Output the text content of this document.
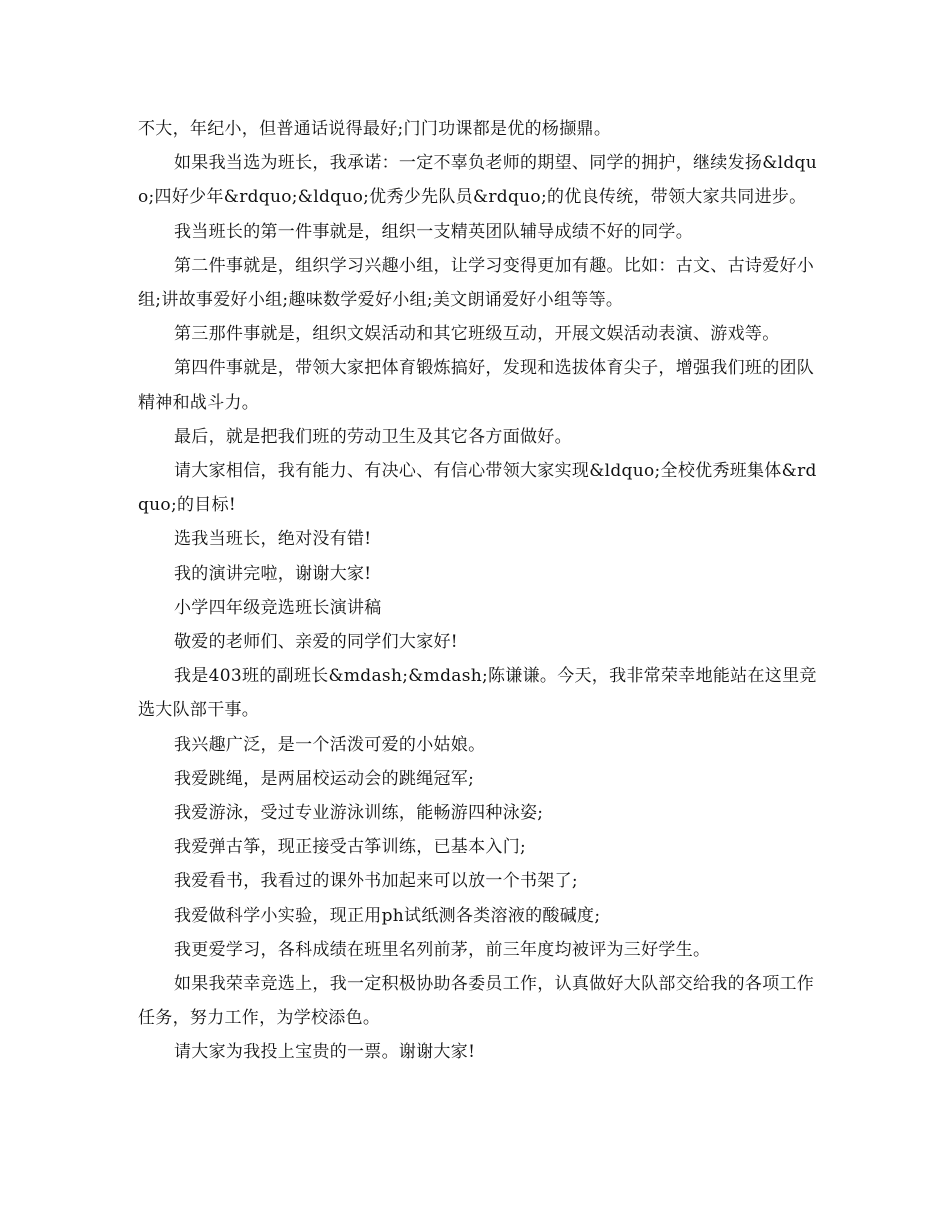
不大，年纪小，但普通话说得最好;门门功课都是优的杨撷鼎。

如果我当选为班长，我承诺：一定不辜负老师的期望、同学的拥护，继续发扬&ldquo;四好少年&rdquo;&ldquo;优秀少先队员&rdquo;的优良传统，带领大家共同进步。

我当班长的第一件事就是，组织一支精英团队辅导成绩不好的同学。

第二件事就是，组织学习兴趣小组，让学习变得更加有趣。比如：古文、古诗爱好小组;讲故事爱好小组;趣味数学爱好小组;美文朗诵爱好小组等等。

第三那件事就是，组织文娱活动和其它班级互动，开展文娱活动表演、游戏等。

第四件事就是，带领大家把体育锻炼搞好，发现和选拔体育尖子，增强我们班的团队精神和战斗力。

最后，就是把我们班的劳动卫生及其它各方面做好。

请大家相信，我有能力、有决心、有信心带领大家实现&ldquo;全校优秀班集体&rdquo;的目标!

选我当班长，绝对没有错!

我的演讲完啦，谢谢大家!

小学四年级竞选班长演讲稿

敬爱的老师们、亲爱的同学们大家好!

我是403班的副班长&mdash;&mdash;陈谦谦。今天，我非常荣幸地能站在这里竞选大队部干事。

我兴趣广泛，是一个活泼可爱的小姑娘。

我爱跳绳，是两届校运动会的跳绳冠军;

我爱游泳，受过专业游泳训练，能畅游四种泳姿;

我爱弹古筝，现正接受古筝训练，已基本入门;

我爱看书，我看过的课外书加起来可以放一个书架了;

我爱做科学小实验，现正用ph试纸测各类溶液的酸碱度;

我更爱学习，各科成绩在班里名列前茅，前三年度均被评为三好学生。

如果我荣幸竞选上，我一定积极协助各委员工作，认真做好大队部交给我的各项工作任务，努力工作，为学校添色。

请大家为我投上宝贵的一票。谢谢大家!
